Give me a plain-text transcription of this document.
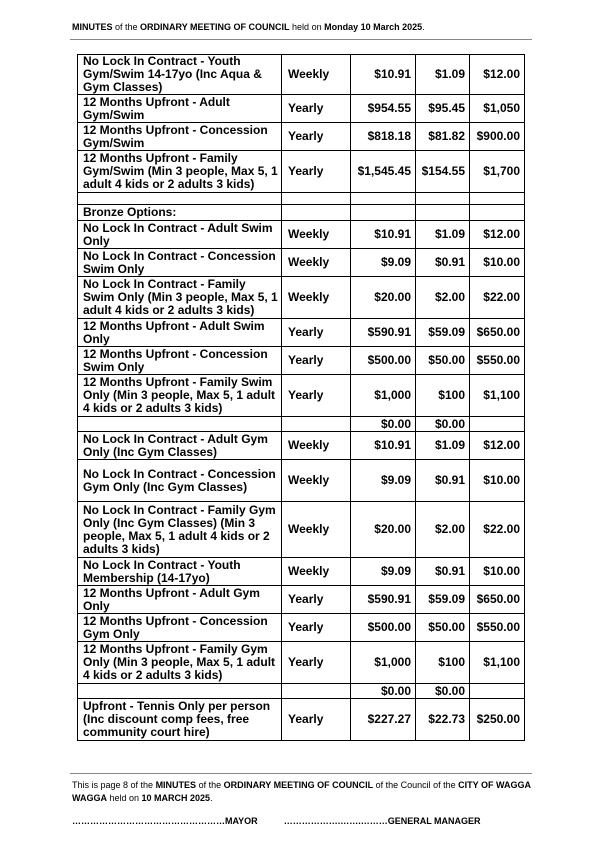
MINUTES of the ORDINARY MEETING OF COUNCIL held on Monday 10 March 2025.
No Lock In Contract - Youth Gym/Swim 14-17yo (Inc Aqua & Gym Classes)	Weekly	$10.91	$1.09	$12.00
12 Months Upfront - Adult Gym/Swim	Yearly	$954.55	$95.45	$1,050
12 Months Upfront - Concession Gym/Swim	Yearly	$818.18	$81.82	$900.00
12 Months Upfront - Family Gym/Swim (Min 3 people, Max 5, 1 adult 4 kids or 2 adults 3 kids)	Yearly	$1,545.45	$154.55	$1,700

Bronze Options:				
No Lock In Contract - Adult Swim Only	Weekly	$10.91	$1.09	$12.00
No Lock In Contract - Concession Swim Only	Weekly	$9.09	$0.91	$10.00
No Lock In Contract - Family Swim Only (Min 3 people, Max 5, 1 adult 4 kids or 2 adults 3 kids)	Weekly	$20.00	$2.00	$22.00
12 Months Upfront - Adult Swim Only	Yearly	$590.91	$59.09	$650.00
12 Months Upfront - Concession Swim Only	Yearly	$500.00	$50.00	$550.00
12 Months Upfront - Family Swim Only (Min 3 people, Max 5, 1 adult 4 kids or 2 adults 3 kids)	Yearly	$1,000	$100	$1,100
		$0.00	$0.00	
No Lock In Contract - Adult Gym Only (Inc Gym Classes)	Weekly	$10.91	$1.09	$12.00
No Lock In Contract - Concession Gym Only (Inc Gym Classes)	Weekly	$9.09	$0.91	$10.00
No Lock In Contract - Family Gym Only (Inc Gym Classes) (Min 3 people, Max 5, 1 adult 4 kids or 2 adults 3 kids)	Weekly	$20.00	$2.00	$22.00
No Lock In Contract - Youth Membership (14-17yo)	Weekly	$9.09	$0.91	$10.00
12 Months Upfront - Adult Gym Only	Yearly	$590.91	$59.09	$650.00
12 Months Upfront - Concession Gym Only	Yearly	$500.00	$50.00	$550.00
12 Months Upfront - Family Gym Only (Min 3 people, Max 5, 1 adult 4 kids or 2 adults 3 kids)	Yearly	$1,000	$100	$1,100
		$0.00	$0.00	
Upfront - Tennis Only per person (Inc discount comp fees, free community court hire)	Yearly	$227.27	$22.73	$250.00
This is page 8 of the MINUTES of the ORDINARY MEETING OF COUNCIL of the Council of the CITY OF WAGGA WAGGA held on 10 MARCH 2025.
……………………………………………MAYOR	……………….…….………GENERAL MANAGER
